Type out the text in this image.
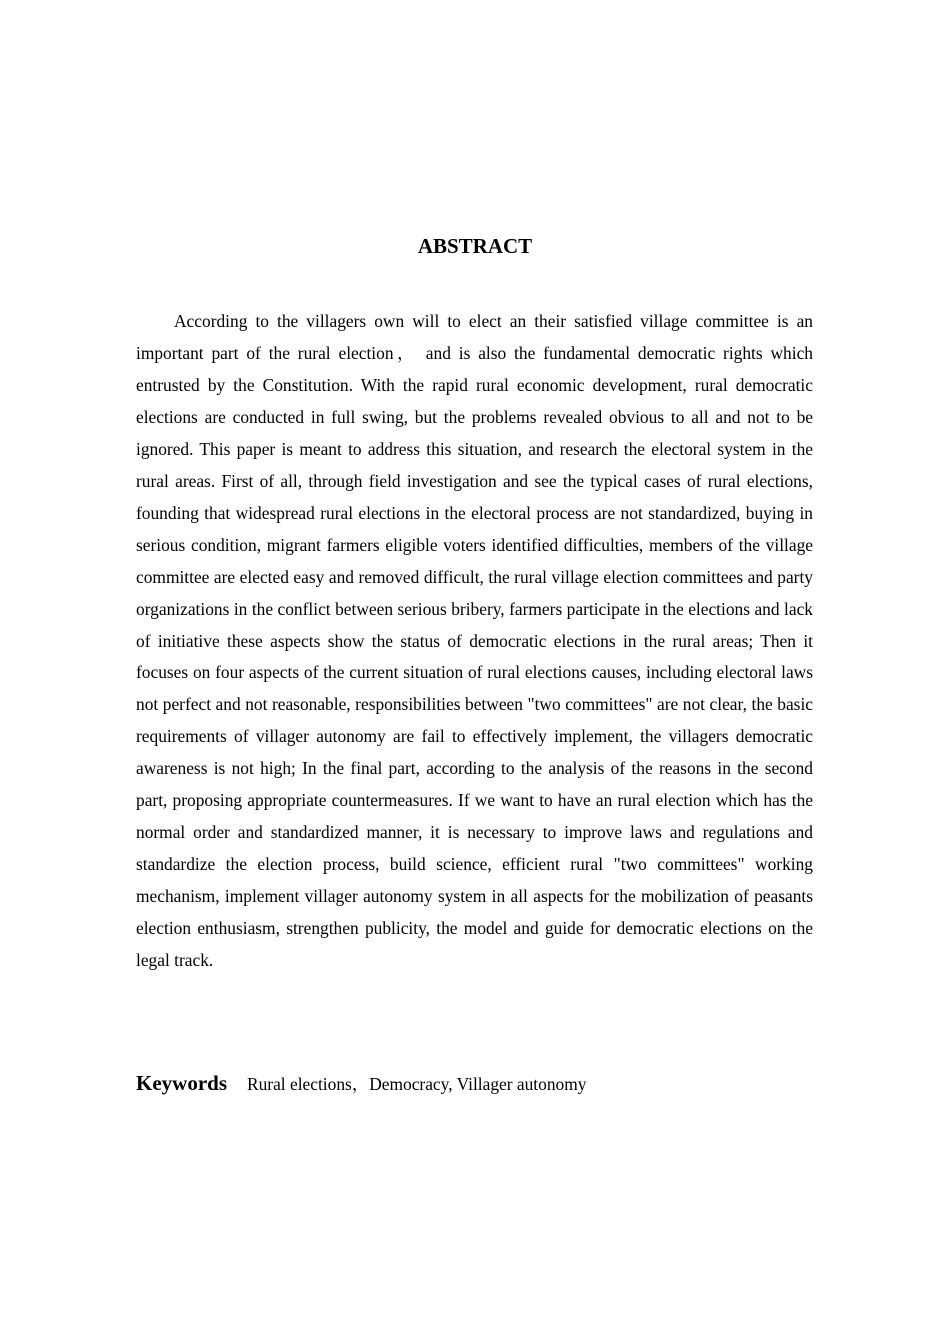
ABSTRACT

According to the villagers own will to elect an their satisfied village committee is an important part of the rural election， and is also the fundamental democratic rights which entrusted by the Constitution. With the rapid rural economic development, rural democratic elections are conducted in full swing, but the problems revealed obvious to all and not to be ignored. This paper is meant to address this situation, and research the electoral system in the rural areas. First of all, through field investigation and see the typical cases of rural elections, founding that widespread rural elections in the electoral process are not standardized, buying in serious condition, migrant farmers eligible voters identified difficulties, members of the village committee are elected easy and removed difficult, the rural village election committees and party organizations in the conflict between serious bribery, farmers participate in the elections and lack of initiative these aspects show the status of democratic elections in the rural areas; Then it focuses on four aspects of the current situation of rural elections causes, including electoral laws not perfect and not reasonable, responsibilities between "two committees" are not clear, the basic requirements of villager autonomy are fail to effectively implement, the villagers democratic awareness is not high; In the final part, according to the analysis of the reasons in the second part, proposing appropriate countermeasures. If we want to have an rural election which has the normal order and standardized manner, it is necessary to improve laws and regulations and standardize the election process, build science, efficient rural "two committees" working mechanism, implement villager autonomy system in all aspects for the mobilization of peasants election enthusiasm, strengthen publicity, the model and guide for democratic elections on the legal track.

Keywords Rural elections，Democracy, Villager autonomy
